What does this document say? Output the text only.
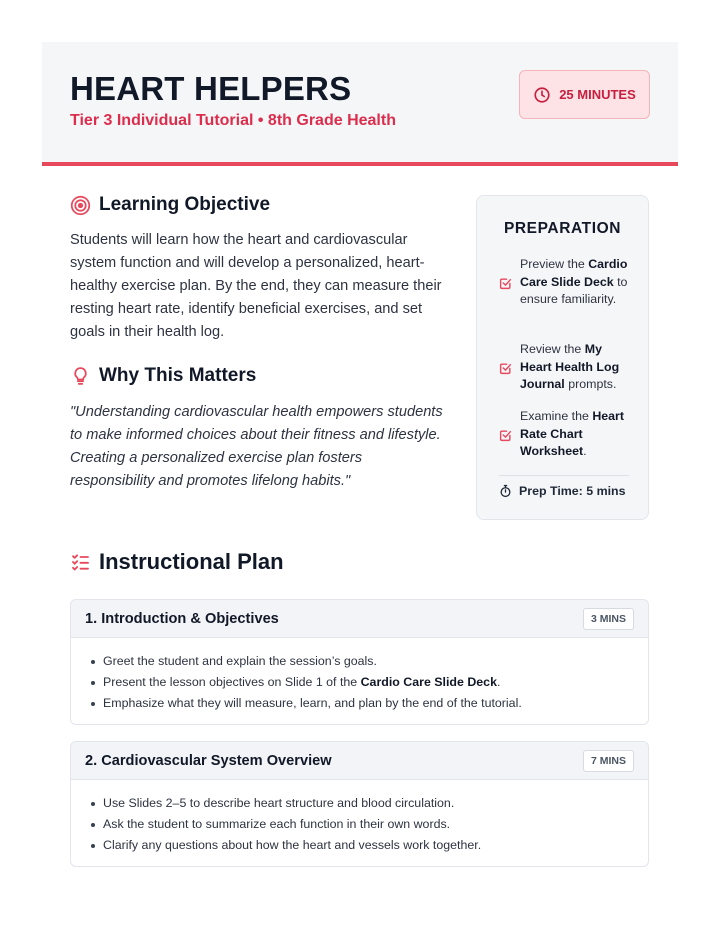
HEART HELPERS
Tier 3 Individual Tutorial • 8th Grade Health
25 MINUTES
Learning Objective
Students will learn how the heart and cardiovascular system function and will develop a personalized, heart-healthy exercise plan. By the end, they can measure their resting heart rate, identify beneficial exercises, and set goals in their health log.
Why This Matters
"Understanding cardiovascular health empowers students to make informed choices about their fitness and lifestyle. Creating a personalized exercise plan fosters responsibility and promotes lifelong habits."
PREPARATION
Preview the Cardio Care Slide Deck to ensure familiarity.
Review the My Heart Health Log Journal prompts.
Examine the Heart Rate Chart Worksheet.
Prep Time: 5 mins
Instructional Plan
1. Introduction & Objectives	3 MINS
Greet the student and explain the session’s goals.
Present the lesson objectives on Slide 1 of the Cardio Care Slide Deck.
Emphasize what they will measure, learn, and plan by the end of the tutorial.
2. Cardiovascular System Overview	7 MINS
Use Slides 2–5 to describe heart structure and blood circulation.
Ask the student to summarize each function in their own words.
Clarify any questions about how the heart and vessels work together.
